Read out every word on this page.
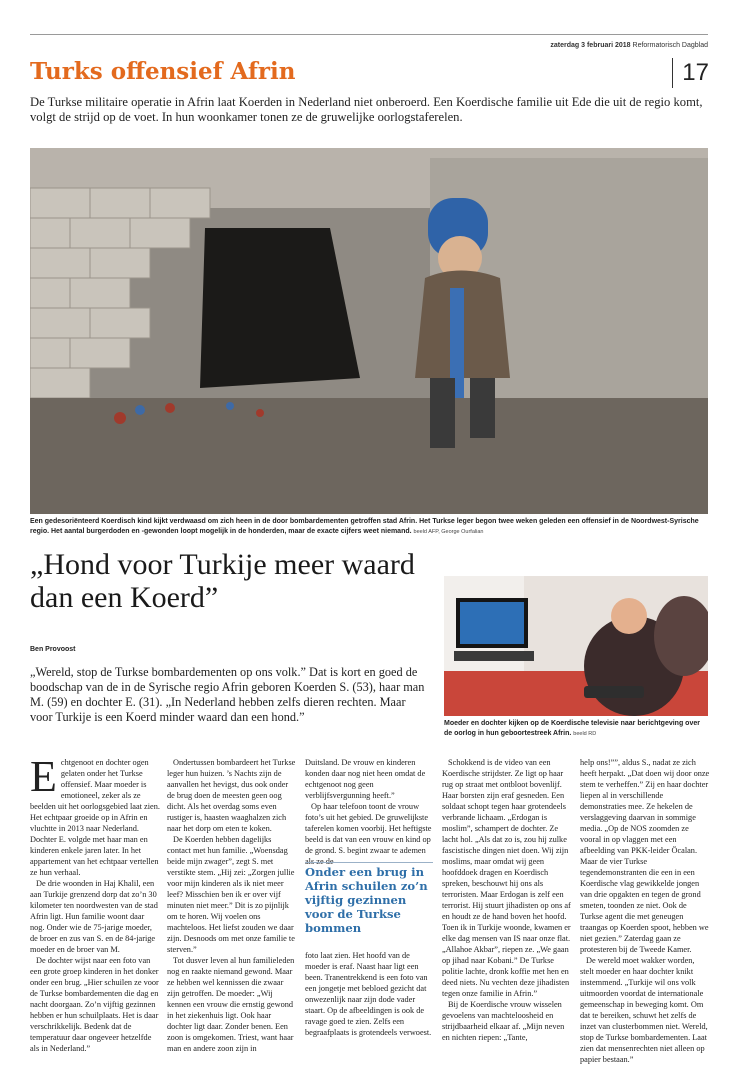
zaterdag 3 februari 2018 Reformatorisch Dagblad
Turks offensief Afrin	17
De Turkse militaire operatie in Afrin laat Koerden in Nederland niet onberoerd. Een Koerdische familie uit Ede die uit de regio komt, volgt de strijd op de voet. In hun woonkamer tonen ze de gruwelijke oorlogstaferelen.
Een gedesoriënteerd Koerdisch kind kijkt verdwaasd om zich heen in de door bombardementen getroffen stad Afrin. Het Turkse leger begon twee weken geleden een offensief in de Noordwest-Syrische regio. Het aantal burgerdoden en -gewonden loopt mogelijk in de honderden, maar de exacte cijfers weet niemand. beeld AFP, George Ourfalian
„Hond voor Turkije meer waard dan een Koerd”
Ben Provoost
„Wereld, stop de Turkse bombardementen op ons volk.” Dat is kort en goed de boodschap van de in de Syrische regio Afrin geboren Koerden S. (53), haar man M. (59) en dochter E. (31). „In Nederland hebben zelfs dieren rechten. Maar voor Turkije is een Koerd minder waard dan een hond.”	Moeder en dochter kijken op de Koerdische televisie naar berichtgeving over de oorlog in hun geboortestreek Afrin. beeld RD
E chtgenoot en dochter ogen gelaten onder het Turkse offensief. Maar moeder is emotioneel, zeker als ze beelden uit het oorlogsgebied laat zien. Het echtpaar groeide op in Afrin en vluchtte in 2013 naar Nederland. Dochter E. volgde met haar man en kinderen enkele jaren later. In het appartement van het echtpaar vertellen ze hun verhaal.

De drie woonden in Haj Khalil, een aan Turkije grenzend dorp dat zo’n 30 kilometer ten noordwesten van de stad Afrin ligt. Hun familie woont daar nog. Onder wie de 75-jarige moeder, de broer en zus van S. en de 84-jarige moeder en de broer van M.

De dochter wijst naar een foto van een grote groep kinderen in het donker onder een brug. „Hier schuilen ze voor de Turkse bombardementen die dag en nacht doorgaan. Zo’n vijftig gezinnen hebben er hun schuilplaats. Het is daar verschrikkelijk. Bedenk dat de temperatuur daar ongeveer hetzelfde als in Nederland.”

Ondertussen bombardeert het Turkse leger hun huizen. ’s Nachts zijn de aanvallen het hevigst, dus ook onder de brug doen de meesten geen oog dicht. Als het overdag soms even rustiger is, haasten waaghalzen zich naar het dorp om eten te koken.

De Koerden hebben dagelijks contact met hun familie. „Woensdag beide mijn zwager”, zegt S. met verstikte stem. „Hij zei: „Zorgen jullie voor mijn kinderen als ik niet meer leef? Misschien ben ik er over vijf minuten niet meer.” Dit is zo pijnlijk om te horen. Wij voelen ons machteloos. Het liefst zouden we daar zijn. Desnoods om met onze familie te sterven.”

Tot dusver leven al hun familieleden nog en raakte niemand gewond. Maar ze hebben wel kennissen die zwaar zijn getroffen. De moeder: „Wij kennen een vrouw die ernstig gewond in het ziekenhuis ligt. Ook haar dochter ligt daar. Zonder benen. Een zoon is omgekomen. Triest, want haar man en andere zoon zijn in

Duitsland. De vrouw en kinderen konden daar nog niet heen omdat de echtgenoot nog geen verblijfsvergunning heeft.”

Op haar telefoon toont de vrouw foto’s uit het gebied. De gruwelijkste taferelen komen voorbij. Het heftigste beeld is dat van een vrouw en kind op de grond. S. begint zwaar te ademen als ze de

Onder een brug in Afrin schuilen zo’n vijftig gezinnen voor de Turkse bommen

foto laat zien. Het hoofd van de moeder is eraf. Naast haar ligt een been. Tranentrekkend is een foto van een jongetje met bebloed gezicht dat onwezenlijk naar zijn dode vader staart. Op de afbeeldingen is ook de ravage goed te zien. Zelfs een begraafplaats is grotendeels verwoest.

Schokkend is de video van een Koerdische strijdster. Ze ligt op haar rug op straat met ontbloot bovenlijf. Haar borsten zijn eraf gesneden. Een soldaat schopt tegen haar grotendeels verbrande lichaam. „Erdogan is moslim”, schampert de dochter. Ze lacht hol. „Als dat zo is, zou hij zulke fascistische dingen niet doen. Wij zijn moslims, maar omdat wij geen hoofddoek dragen en Koerdisch spreken, beschouwt hij ons als terroristen. Maar Erdogan is zelf een terrorist. Hij stuurt jihadisten op ons af en houdt ze de hand boven het hoofd. Toen ik in Turkije woonde, kwamen er elke dag mensen van IS naar onze flat. „Allahoe Akbar”, riepen ze. „We gaan op jihad naar Kobani.” De Turkse politie lachte, dronk koffie met hen en deed niets. Nu vechten deze jihadisten tegen onze familie in Afrin.”

Bij de Koerdische vrouw wisselen gevoelens van machteloosheid en strijdbaarheid elkaar af. „Mijn neven en nichten riepen: „Tante,

help ons!””, aldus S., nadat ze zich heeft herpakt. „Dat doen wij door onze stem te verheffen.” Zij en haar dochter liepen al in verschillende demonstraties mee. Ze hekelen de verslaggeving daarvan in sommige media. „Op de NOS zoomden ze vooral in op vlaggen met een afbeelding van PKK-leider Öcalan. Maar de vier Turkse tegendemonstranten die een in een Koerdische vlag gewikkelde jongen van drie opgakten en tegen de grond smeten, toonden ze niet. Ook de Turkse agent die met geneugen traangas op Koerden spoot, hebben we niet gezien.” Zaterdag gaan ze protesteren bij de Tweede Kamer.

De wereld moet wakker worden, stelt moeder en haar dochter knikt instemmend. „Turkije wil ons volk uitmoorden voordat de internationale gemeenschap in beweging komt. Om dat te bereiken, schuwt het zelfs de inzet van clusterbommen niet. Wereld, stop de Turkse bombardementen. Laat zien dat mensenrechten niet alleen op papier bestaan.”
